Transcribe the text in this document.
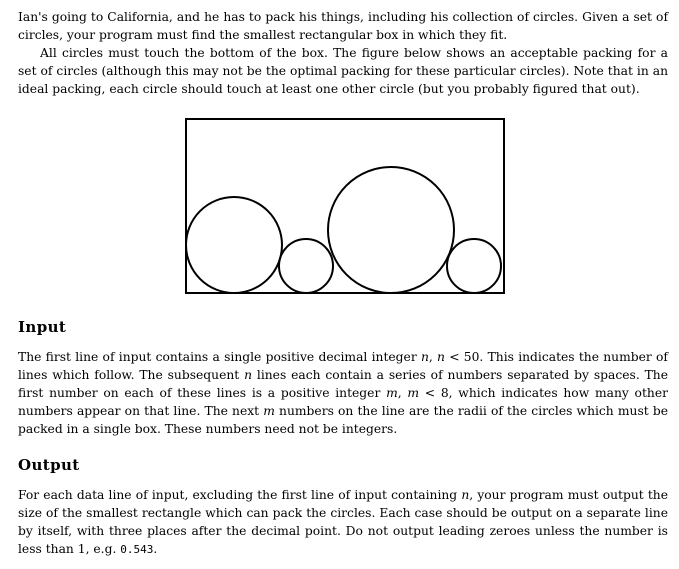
Ian's going to California, and he has to pack his things, including his collection of circles. Given a set of circles, your program must find the smallest rectangular box in which they fit.

All circles must touch the bottom of the box. The figure below shows an acceptable packing for a set of circles (although this may not be the optimal packing for these particular circles). Note that in an ideal packing, each circle should touch at least one other circle (but you probably figured that out).

Input

The first line of input contains a single positive decimal integer n, n < 50. This indicates the number of lines which follow. The subsequent n lines each contain a series of numbers separated by spaces. The first number on each of these lines is a positive integer m, m < 8, which indicates how many other numbers appear on that line. The next m numbers on the line are the radii of the circles which must be packed in a single box. These numbers need not be integers.

Output

For each data line of input, excluding the first line of input containing n, your program must output the size of the smallest rectangle which can pack the circles. Each case should be output on a separate line by itself, with three places after the decimal point. Do not output leading zeroes unless the number is less than 1, e.g. 0.543.
